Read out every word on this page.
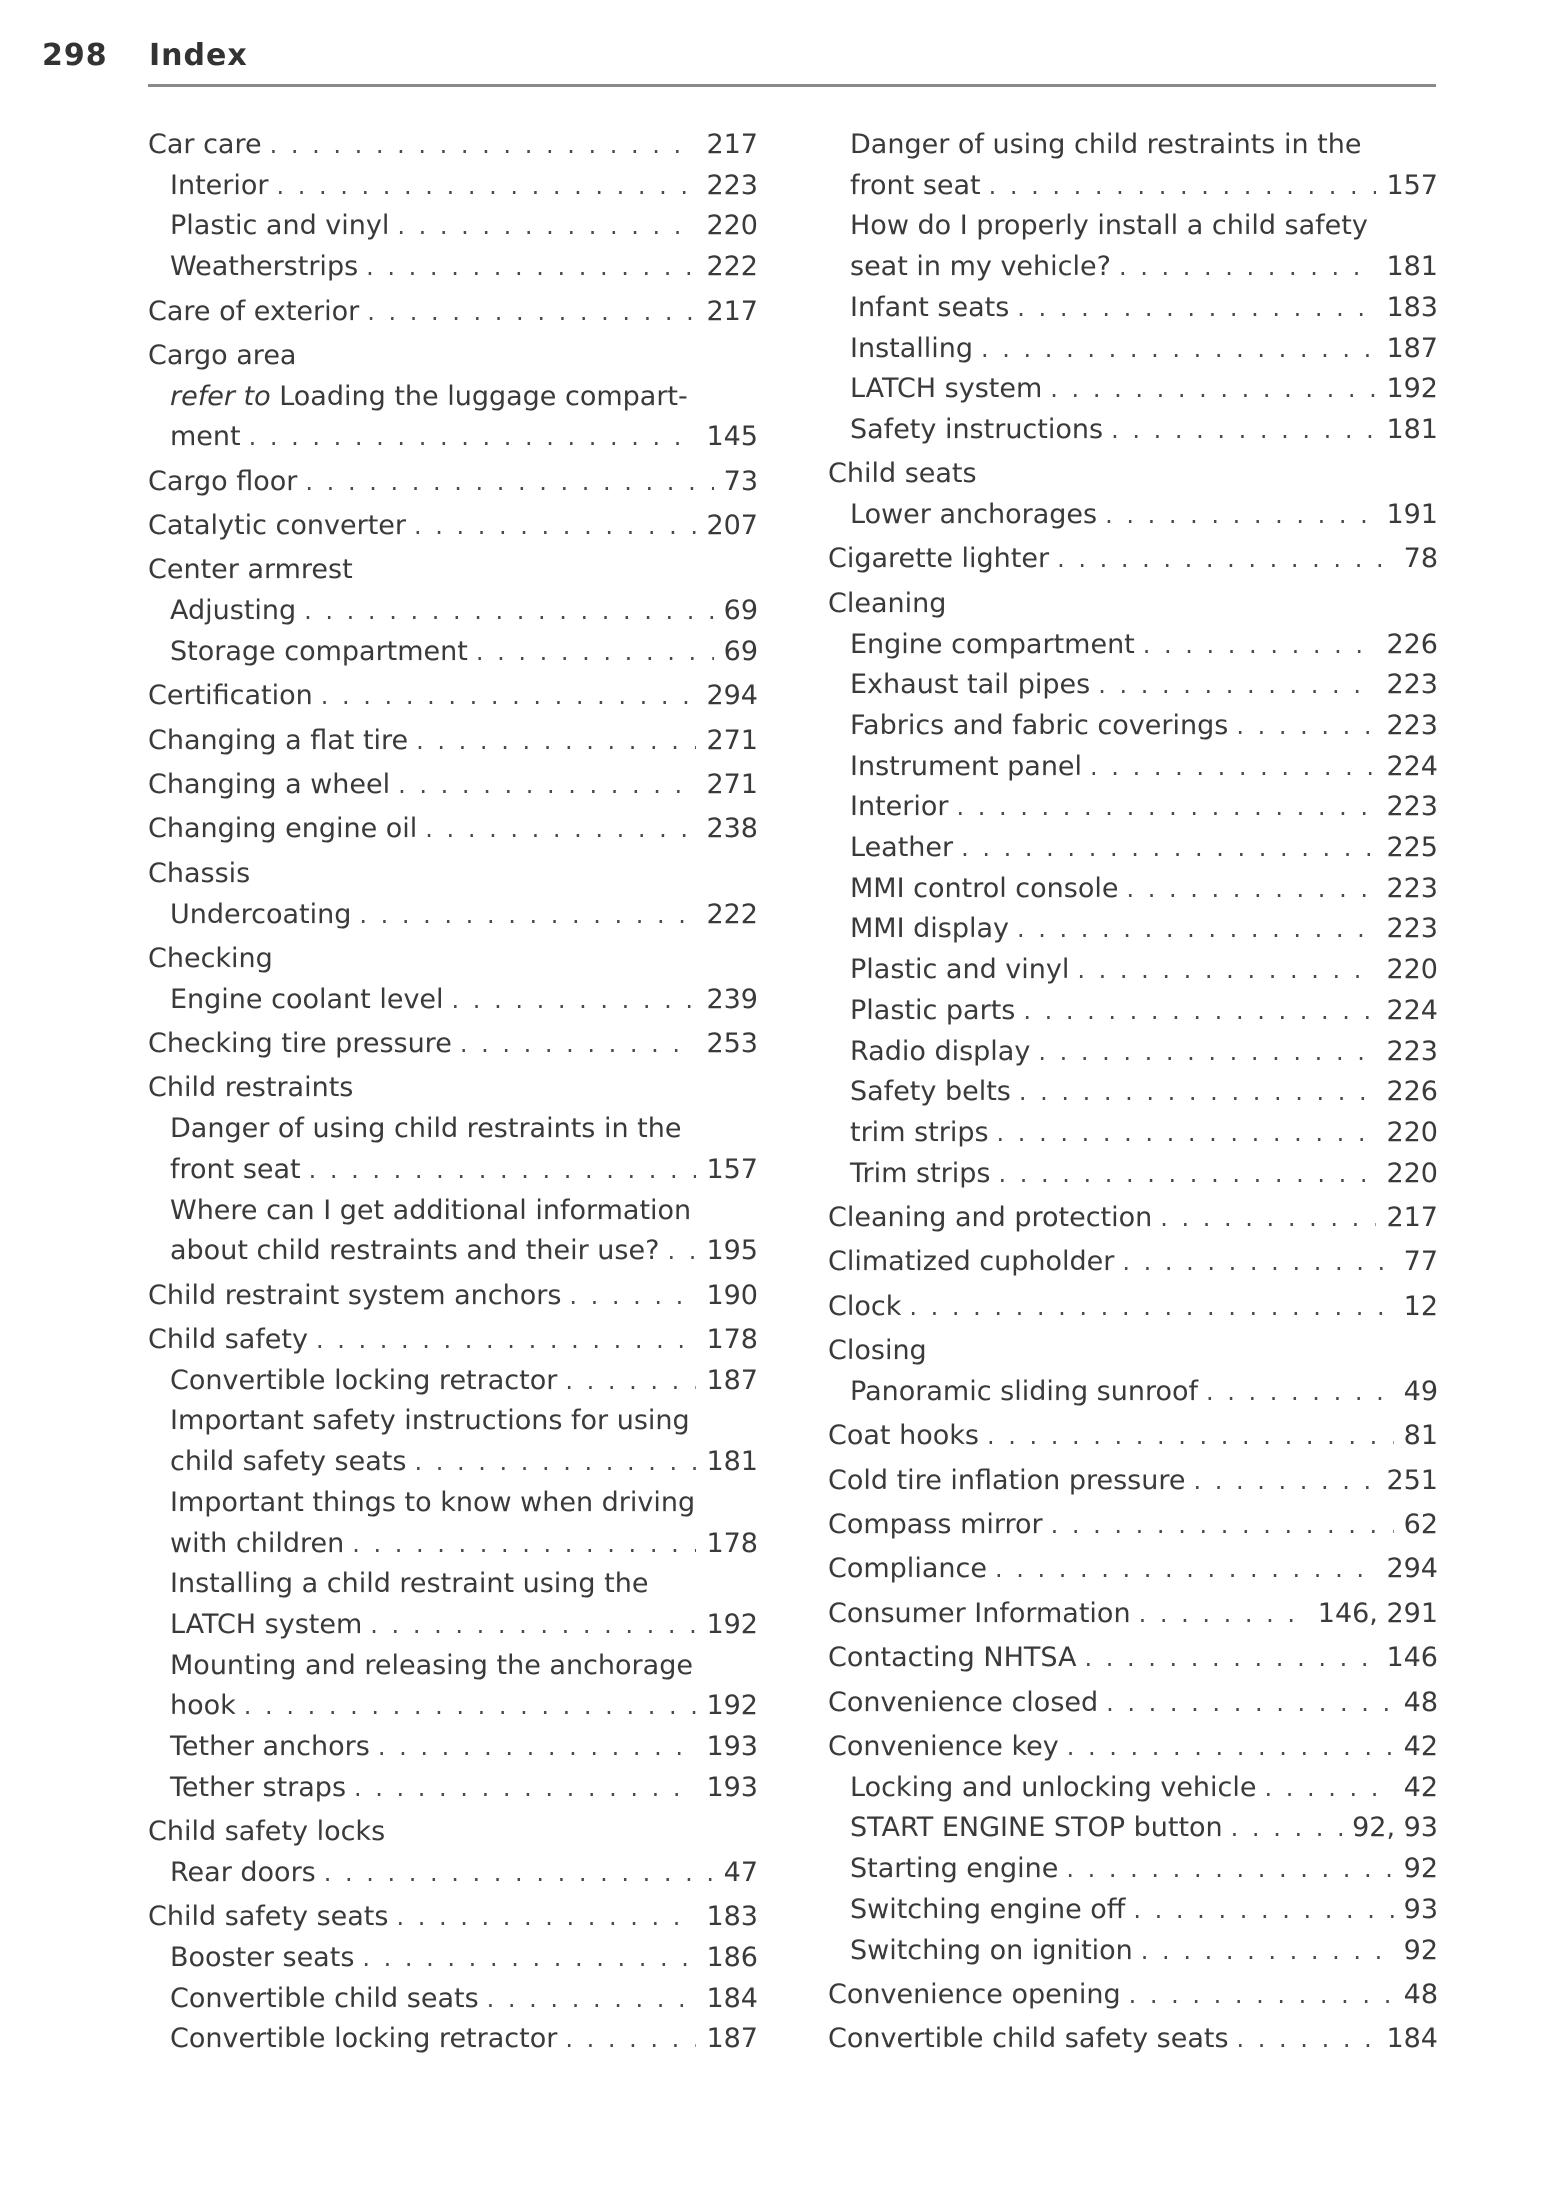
298 Index
Car care . . .	217
Interior . . .	223
Plastic and vinyl . . .	220
Weatherstrips . . .	222
Care of exterior . . .	217
Cargo area
refer to Loading the luggage compart-
ment . . .	145
Cargo floor . . .	73
Catalytic converter . . .	207
Center armrest
Adjusting . . .	69
Storage compartment . . .	69
Certification . . .	294
Changing a flat tire . . .	271
Changing a wheel . . .	271
Changing engine oil . . .	238
Chassis
Undercoating . . .	222
Checking
Engine coolant level . . .	239
Checking tire pressure . . .	253
Child restraints
Danger of using child restraints in the
front seat . . .	157
Where can I get additional information
about child restraints and their use? . . .	195
Child restraint system anchors . . .	190
Child safety . . .	178
Convertible locking retractor . . .	187
Important safety instructions for using
child safety seats . . .	181
Important things to know when driving
with children . . .	178
Installing a child restraint using the
LATCH system . . .	192
Mounting and releasing the anchorage
hook . . .	192
Tether anchors . . .	193
Tether straps . . .	193
Child safety locks
Rear doors . . .	47
Child safety seats . . .	183
Booster seats . . .	186
Convertible child seats . . .	184
Convertible locking retractor . . .	187
Danger of using child restraints in the
front seat . . .	157
How do I properly install a child safety
seat in my vehicle? . . .	181
Infant seats . . .	183
Installing . . .	187
LATCH system . . .	192
Safety instructions . . .	181
Child seats
Lower anchorages . . .	191
Cigarette lighter . . .	78
Cleaning
Engine compartment . . .	226
Exhaust tail pipes . . .	223
Fabrics and fabric coverings . . .	223
Instrument panel . . .	224
Interior . . .	223
Leather . . .	225
MMI control console . . .	223
MMI display . . .	223
Plastic and vinyl . . .	220
Plastic parts . . .	224
Radio display . . .	223
Safety belts . . .	226
trim strips . . .	220
Trim strips . . .	220
Cleaning and protection . . .	217
Climatized cupholder . . .	77
Clock . . .	12
Closing
Panoramic sliding sunroof . . .	49
Coat hooks . . .	81
Cold tire inflation pressure . . .	251
Compass mirror . . .	62
Compliance . . .	294
Consumer Information . . .	146, 291
Contacting NHTSA . . .	146
Convenience closed . . .	48
Convenience key . . .	42
Locking and unlocking vehicle . . .	42
START ENGINE STOP button . . .	92, 93
Starting engine . . .	92
Switching engine off . . .	93
Switching on ignition . . .	92
Convenience opening . . .	48
Convertible child safety seats . . .	184
